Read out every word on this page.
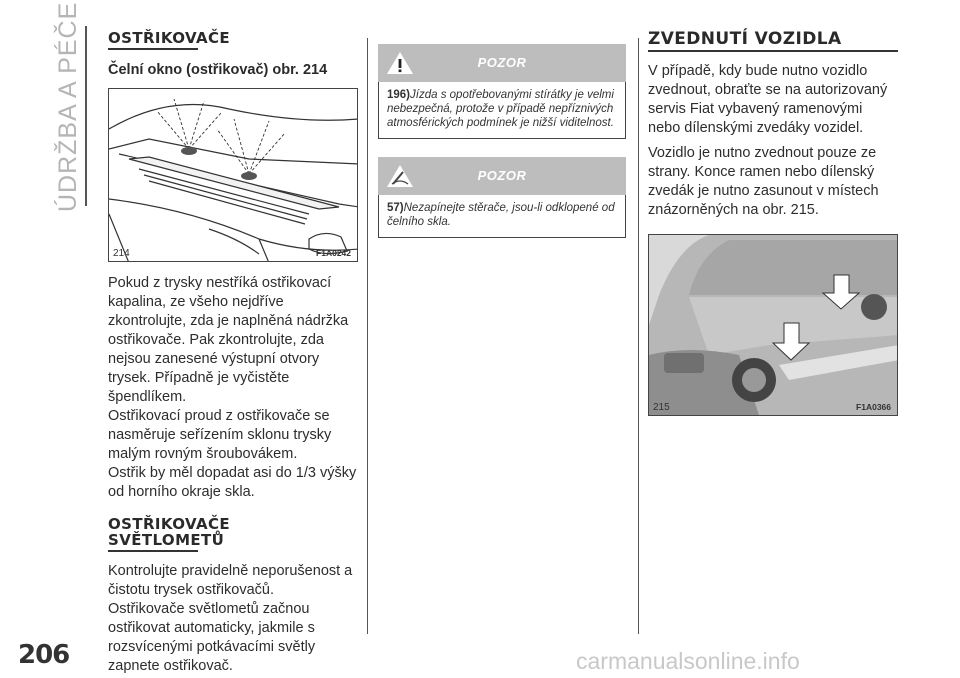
ÚDRŽBA A PÉČE OSTŘIKOVAČE
Čelní okno (ostřikovač) obr. 214
214	F1A0242
Pokud z trysky nestříká ostřikovací kapalina, ze všeho nejdříve zkontrolujte, zda je naplněná nádržka ostřikovače. Pak zkontrolujte, zda nejsou zanesené výstupní otvory trysek. Případně je vyčistěte špendlíkem.
Ostřikovací proud z ostřikovače se nasměruje seřízením sklonu trysky malým rovným šroubovákem.
Ostřik by měl dopadat asi do 1/3 výšky od horního okraje skla.
OSTŘIKOVAČE
SVĚTLOMETŮ
Kontrolujte pravidelně neporušenost a čistotu trysek ostřikovačů.
Ostřikovače světlometů začnou ostřikovat automaticky, jakmile s rozsvícenými potkávacími světly zapnete ostřikovač.
POZOR
196)Jízda s opotřebovanými stírátky je velmi nebezpečná, protože v případě nepříznivých atmosférických podmínek je nižší viditelnost.
POZOR
57)Nezapínejte stěrače, jsou-li odklopené od čelního skla.
ZVEDNUTÍ VOZIDLA
V případě, kdy bude nutno vozidlo zvednout, obraťte se na autorizovaný servis Fiat vybavený ramenovými nebo dílenskými zvedáky vozidel.
Vozidlo je nutno zvednout pouze ze strany. Konce ramen nebo dílenský zvedák je nutno zasunout v místech znázorněných na obr. 215.
215	F1A0366
206	carmanualsonline.info
